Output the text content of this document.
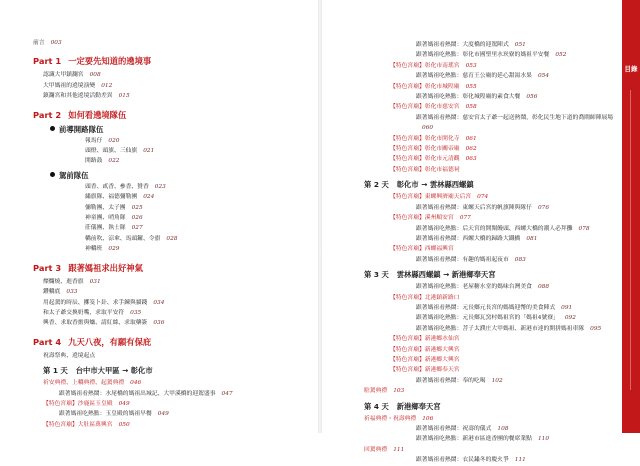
前言 003
Part 1 一定要先知道的遶境事
認識大甲鎮瀾宮 008
大甲媽祖的遶境演變 012
鎮瀾宮和其他遶境活動差異 015
Part 2 如何看遶境隊伍
前導開路隊伍
報馬仔 020
頭燈、頭旗、三仙旗 021
開路鼓 022
駕前隊伍
頭香、貳香、參香、贊香 023
繡旗隊、福德彌勒團 024
彌勒團、太子團 025
神童團、哨角隊 026
莊儀團、執士隊 027
轎前吹、涼傘、馬頭鑼、令旗 028
神轎班 029
Part 3 跟著媽祖求出好神氣
燦爛燒、進香旗 031
鑽轎底 033
用起駕的時辰、擲筊卜卦、求手鍊與貓錢 034
和太子爺交換奶嘴，求取平安符 035
興香、求取香擔與爐、請紅絲、求取藥簽 036
Part 4 九天八夜，有願有保庇
祝壽祭典、遶境起点
第 1 天 台中市大甲區 → 彰化市
祈安典禮、上轎典禮、起駕典禮 046
跟著媽祖看熱鬧：水尾橋的媽祖出城記、大甲溪橋的迎駕盛事 047
【特色宮廟】沙鹿區玉皇殿 049
跟著媽祖吃熱點：玉皇殿的媽祖早餐 049
【特色宮廟】大肚區萬興宮 050
跟著媽祖看熱鬧：大度橋的迎駕陣式 051
跟著媽祖吃熱點：彰化市國聖里水崁寮的媽祖平安餐 052
【特色宮廟】彰化市南瑤宮 053
跟著媽祖吃熱點：慈育王公廟的延心甜湯水果 054
【特色宮廟】彰化市城隍廟 055
跟著媽祖吃熱點：彰化城隍廟的素食大餐 056
【特色宮廟】彰化市慈安宮 058
跟著媽祖看熱鬧：慈安宮太子爺一起送熱鬧，彰化民生地下道的喬閘師陣展場
060
【特色宮廟】彰化市開化寺 061
【特色宮廟】彰化市關帝廟 062
【特色宮廟】彰化市元清觀 063
【特色宮廟】彰化市福德祠
第 2 天 彰化市 → 雲林縣西螺鎮
【特色宮廟】東螺興濟廟天后宮 074
跟著媽祖看熱鬧：東螺天后宮的帆旗陣與隊仔 076
【特色宮廟】溪州順安宮 077
跟著媽祖吃熱點：后天宮的開閘饅頭、西螺大橋的潮人必拜攤 078
跟著媽祖看熱鬧：西螺大橋的歸路大鐵橋 081
【特色宮廟】西螺福興宮
跟著媽祖看熱鬧：有趣的媽祖起夜市 083
第 3 天 雲林縣西螺鎮 → 新港鄉奉天宮
跟著媽祖吃熱點：老屋糖水堂的媽味台灣美食 088
【特色宮廟】北港鎮新路口
跟著媽祖看熱鬧：元長鄉元長宮的媽媽迎幣的美食陣式 091
跟著媽祖吃熱點：元長鄉瓦窯村媽祖宮的「媽祖4號寮」 092
跟著媽祖吃熱點：菩子太濮庄大甲媽祖、新港市達的開拼媽祖車隊 095
【特色宮廟】新港鄉水仙宮
【特色宮廟】新港鄉大興宮
【特色宮廟】新港鄉大興宮
【特色宮廟】新港鄉奉天宮
跟著媽祖看熱鬧：奉的吃喝 102
駐駕典禮 103
第 4 天 新港鄉奉天宮
祈福典禮・祝壽典禮 106
跟著媽祖看熱鬧：祝壽的儀式 108
跟著媽祖吃熱點：新港市區進香團的餐席業點 110
回駕典禮 111
跟著媽祖看熱鬧：衣民鏽冬的慶火爭 111
目錄
